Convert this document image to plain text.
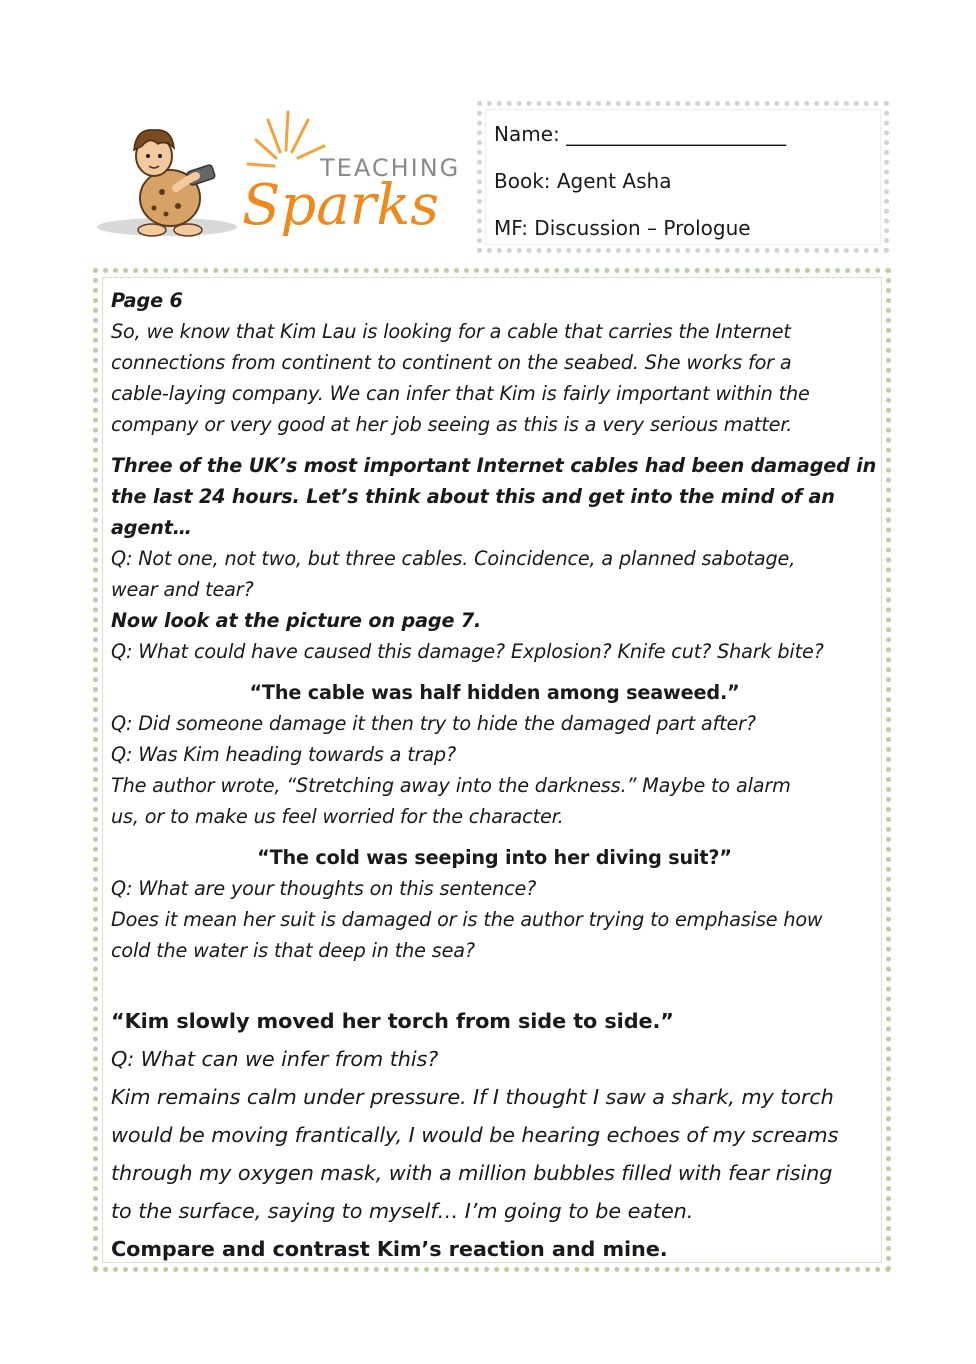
TEACHING
Sparks
Name: ______________________
Book: Agent Asha
MF: Discussion – Prologue
Page 6
So, we know that Kim Lau is looking for a cable that carries the Internet
connections from continent to continent on the seabed. She works for a
cable-laying company. We can infer that Kim is fairly important within the
company or very good at her job seeing as this is a very serious matter.
Three of the UK’s most important Internet cables had been damaged in
the last 24 hours. Let’s think about this and get into the mind of an
agent…
Q: Not one, not two, but three cables. Coincidence, a planned sabotage,
wear and tear?
Now look at the picture on page 7.
Q: What could have caused this damage? Explosion? Knife cut? Shark bite?
“The cable was half hidden among seaweed.”
Q: Did someone damage it then try to hide the damaged part after?
Q: Was Kim heading towards a trap?
The author wrote, “Stretching away into the darkness.” Maybe to alarm
us, or to make us feel worried for the character.
“The cold was seeping into her diving suit?”
Q: What are your thoughts on this sentence?
Does it mean her suit is damaged or is the author trying to emphasise how
cold the water is that deep in the sea?
“Kim slowly moved her torch from side to side.”
Q: What can we infer from this?
Kim remains calm under pressure. If I thought I saw a shark, my torch
would be moving frantically, I would be hearing echoes of my screams
through my oxygen mask, with a million bubbles filled with fear rising
to the surface, saying to myself… I’m going to be eaten.
Compare and contrast Kim’s reaction and mine.
